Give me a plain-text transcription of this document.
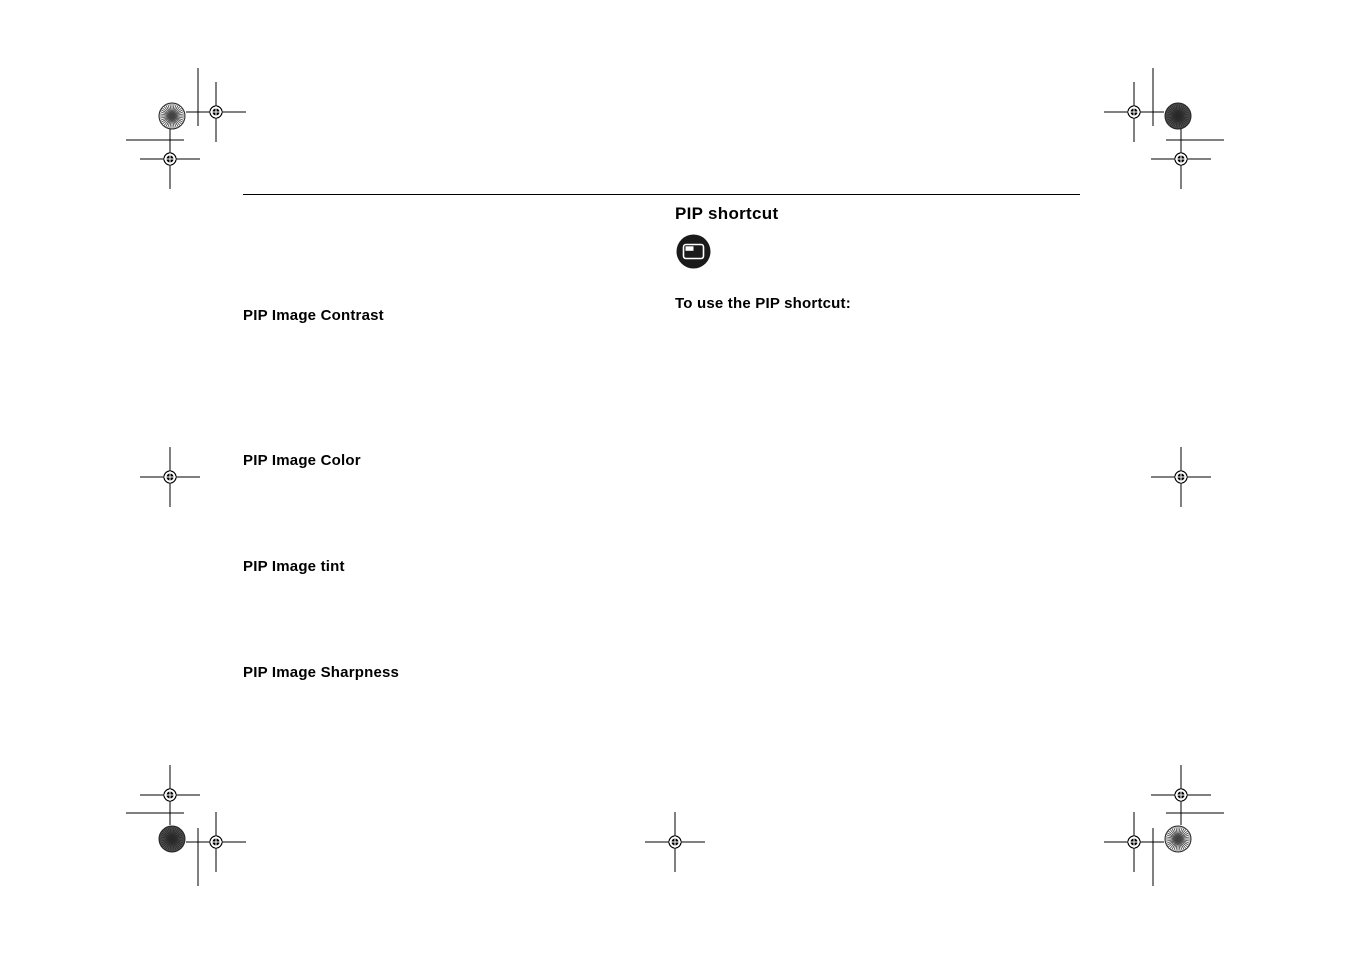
PIP Image Contrast
PIP Image Color
PIP Image tint
PIP Image Sharpness
PIP shortcut
To use the PIP shortcut:
